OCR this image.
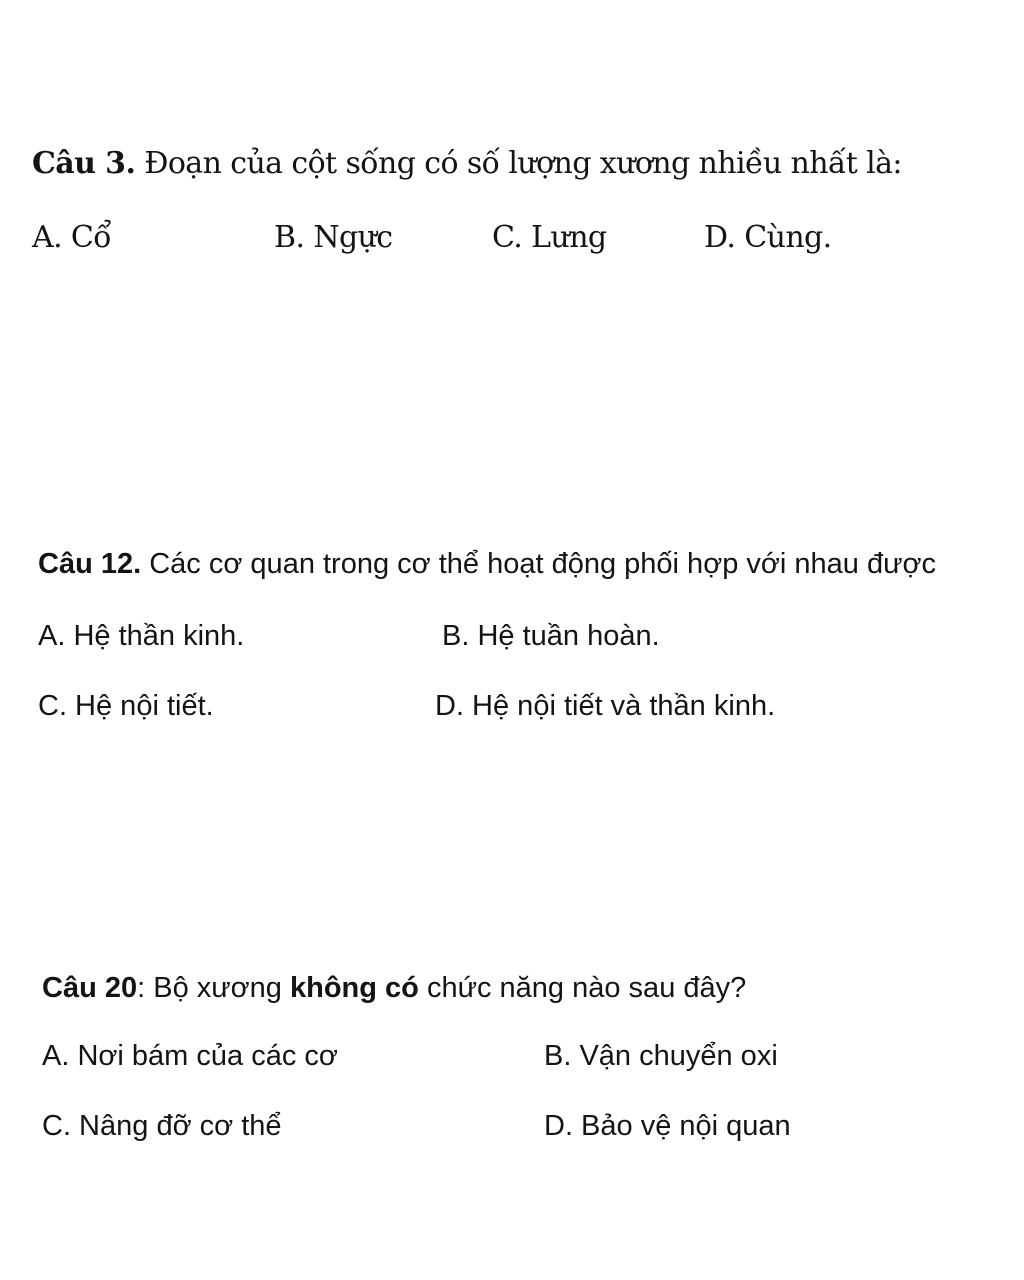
Câu 3. Đoạn của cột sống có số lượng xương nhiều nhất là:
A. Cổ	B. Ngực	C. Lưng	D. Cùng.
Câu 12. Các cơ quan trong cơ thể hoạt động phối hợp với nhau được
A. Hệ thần kinh.	B. Hệ tuần hoàn.
C. Hệ nội tiết.	D. Hệ nội tiết và thần kinh.
Câu 20: Bộ xương không có chức năng nào sau đây?
A. Nơi bám của các cơ	B. Vận chuyển oxi
C. Nâng đỡ cơ thể	D. Bảo vệ nội quan
